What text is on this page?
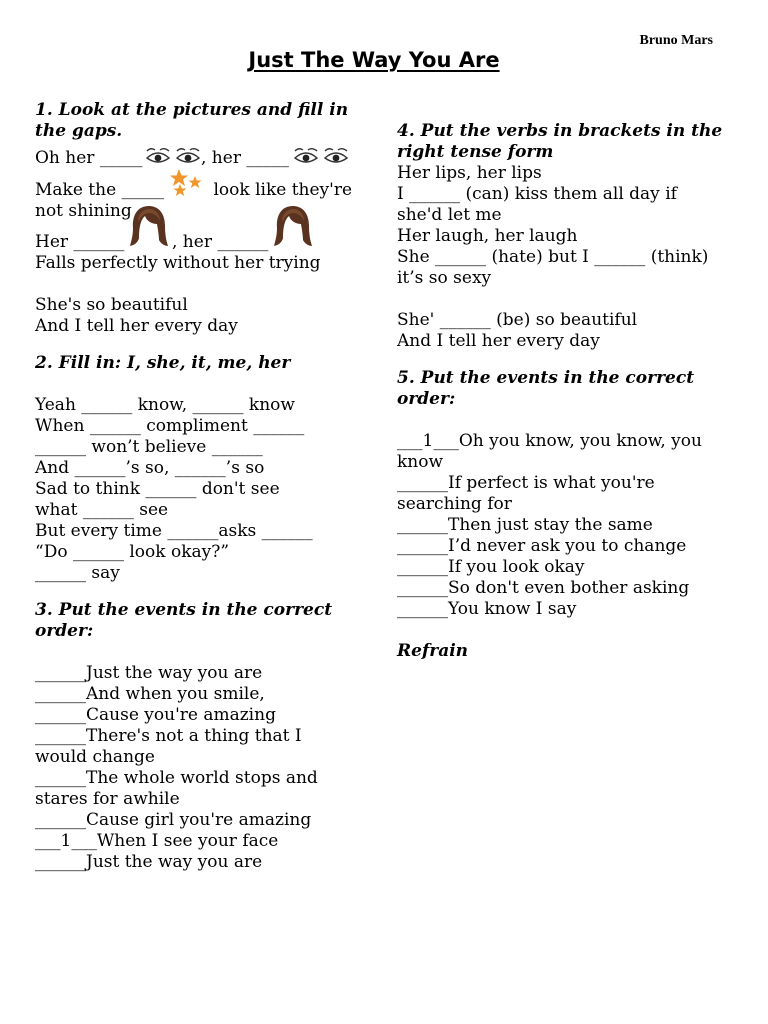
Bruno Mars
Just The Way You Are
1. Look at the pictures and fill in the gaps.
Oh her _____	, her _____
Make the _____	look like they're not shining
Her ______	, her ______
Falls perfectly without her trying
She's so beautiful
And I tell her every day
2. Fill in: I, she, it, me, her
Yeah ______ know, ______ know
When ______ compliment ______
______ won’t believe ______
And ______’s so, ______’s so
Sad to think ______ don't see what ______ see
But every time ______asks ______
“Do ______ look okay?”
______ say
3. Put the events in the correct order:
______Just the way you are
______And when you smile,
______Cause you're amazing
______There's not a thing that I would change
______The whole world stops and stares for awhile
______Cause girl you're amazing
___1___When I see your face
______Just the way you are
4. Put the verbs in brackets in the right tense form
Her lips, her lips
I ______ (can) kiss them all day if she'd let me
Her laugh, her laugh
She ______ (hate) but I ______ (think) it’s so sexy
She' ______ (be) so beautiful
And I tell her every day
5. Put the events in the correct order:
___1___Oh you know, you know, you know
______If perfect is what you're searching for
______Then just stay the same
______I’d never ask you to change
______If you look okay
______So don't even bother asking
______You know I say
Refrain
